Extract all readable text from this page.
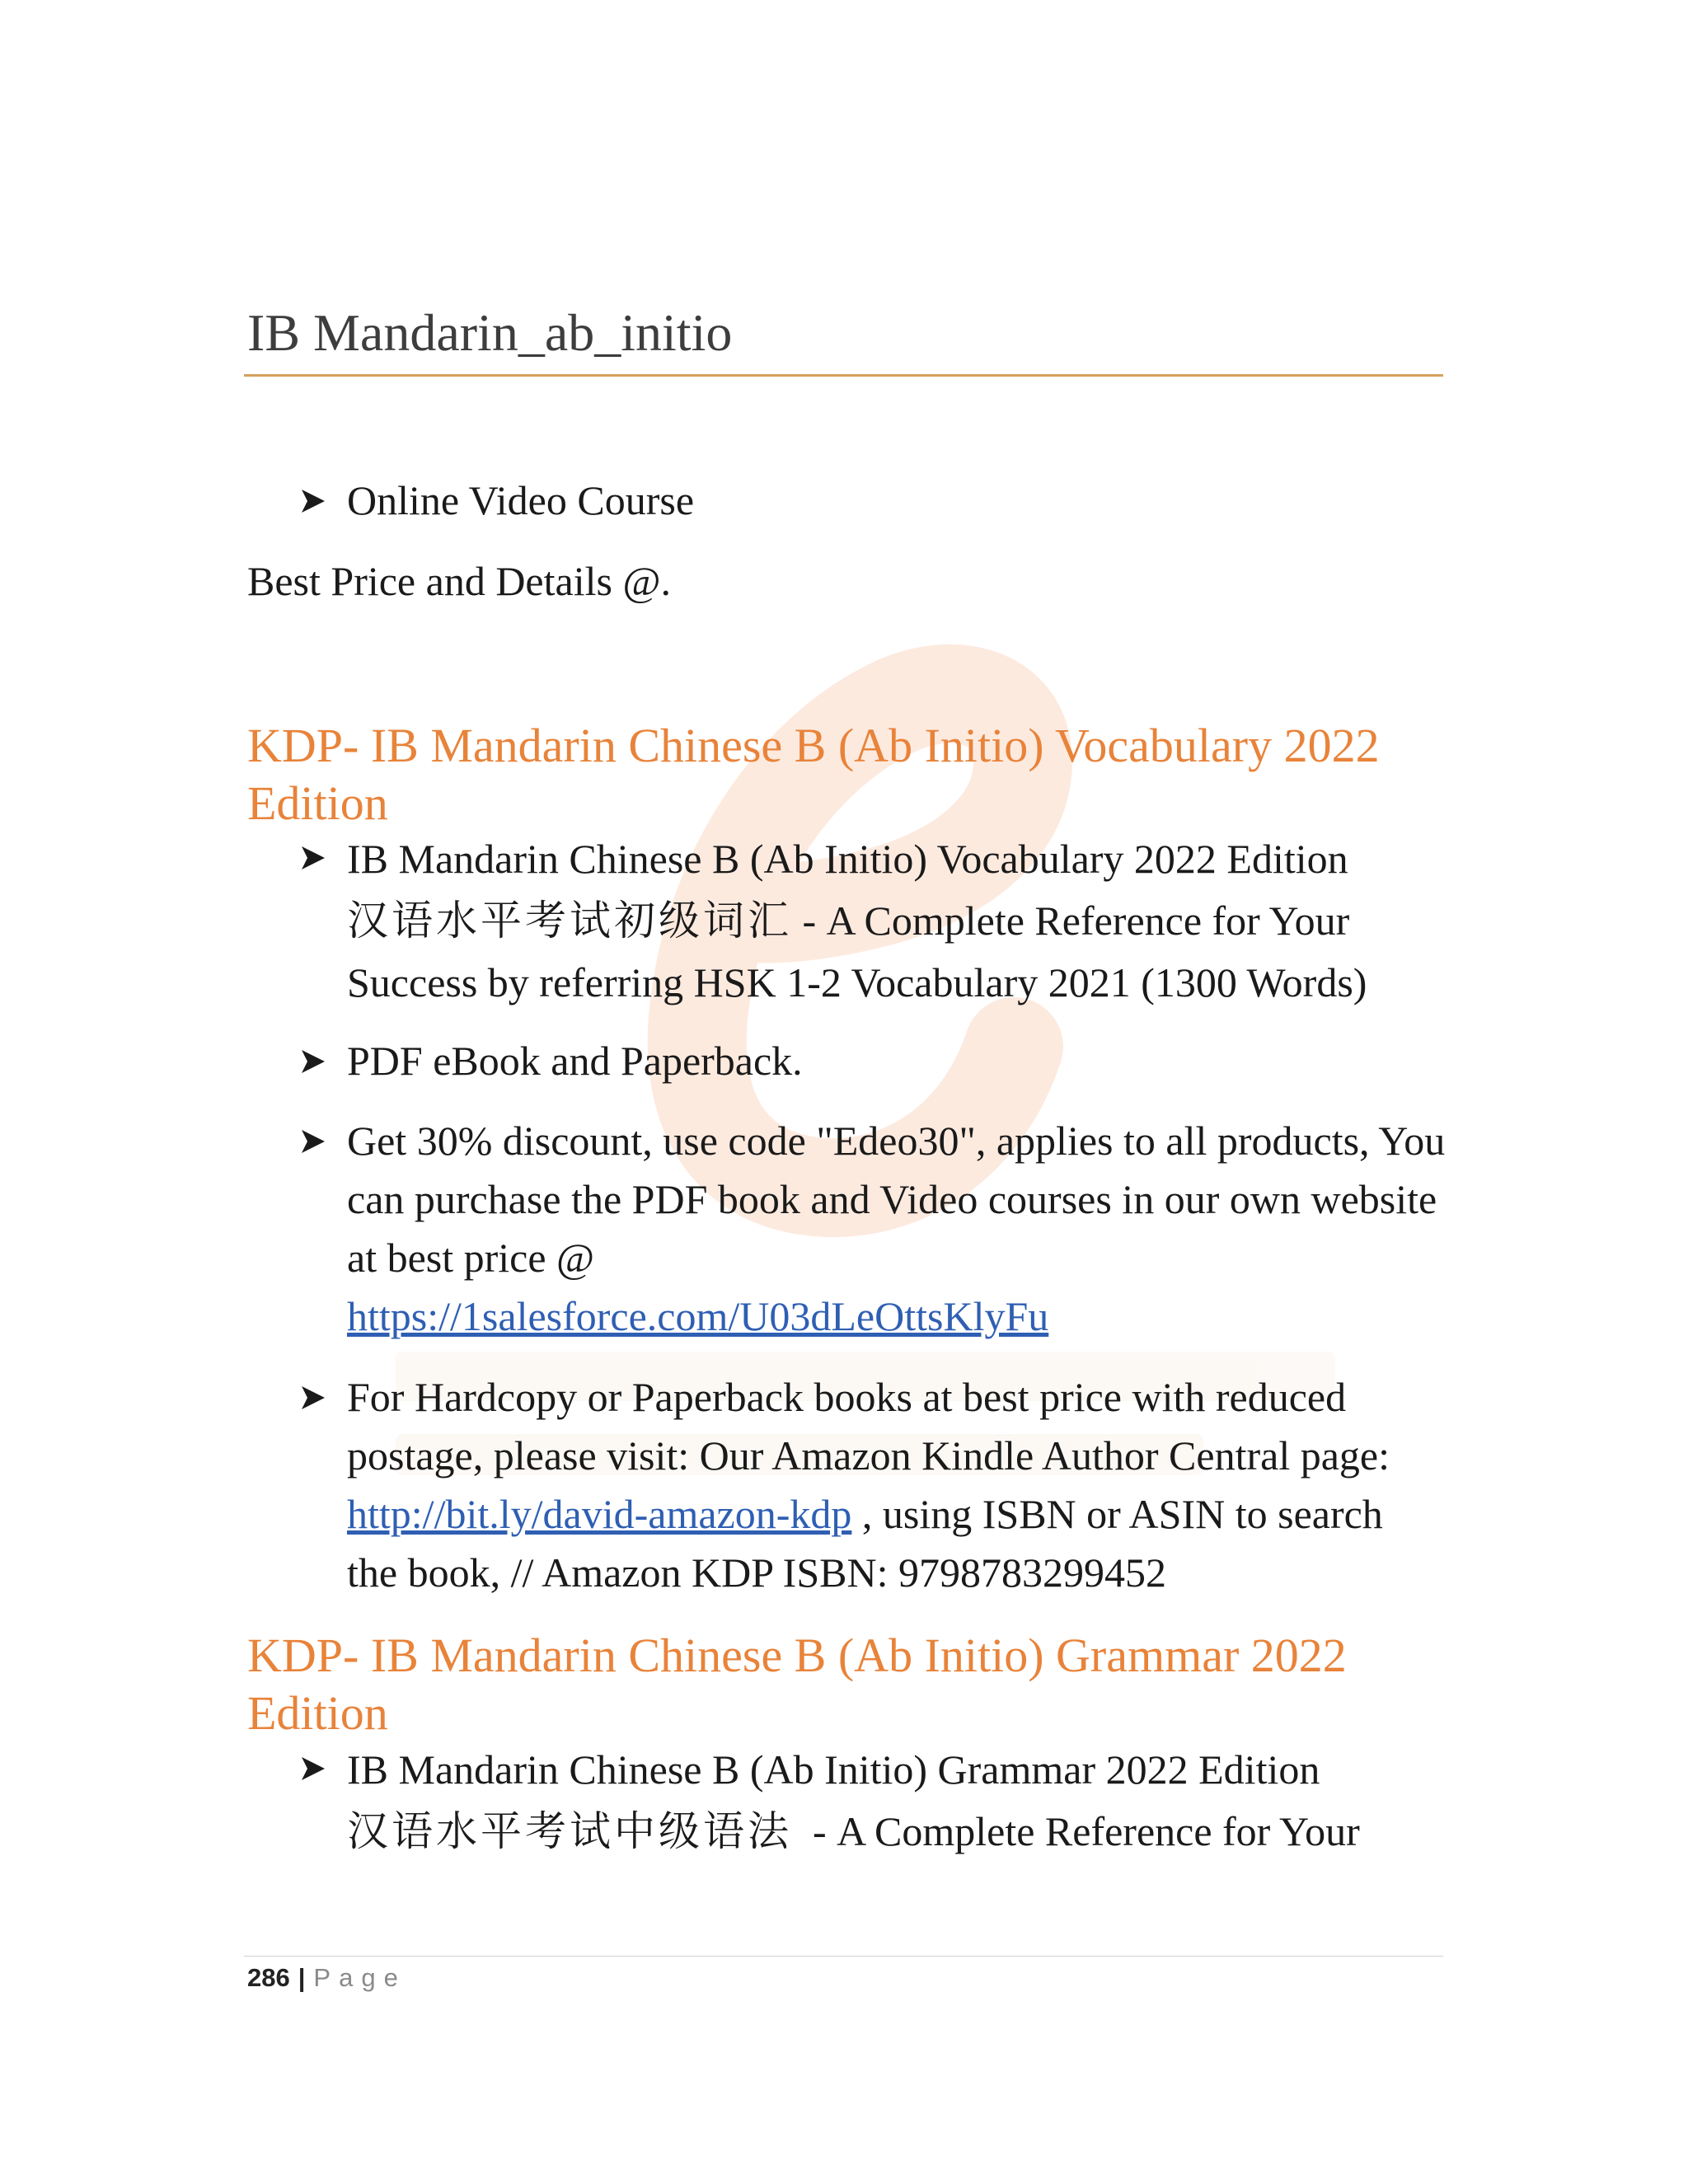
IB Mandarin_ab_initio
Online Video Course
Best Price and Details @.
KDP- IB Mandarin Chinese B (Ab Initio) Vocabulary 2022 Edition
IB Mandarin Chinese B (Ab Initio) Vocabulary 2022 Edition
汉语水平考试初级词汇 - A Complete Reference for Your
Success by referring HSK 1-2 Vocabulary 2021 (1300 Words)
PDF eBook and Paperback.
Get 30% discount, use code "Edeo30", applies to all products, You can purchase the PDF book and Video courses in our own website at best price @
https://1salesforce.com/U03dLeOttsKlyFu
For Hardcopy or Paperback books at best price with reduced postage, please visit: Our Amazon Kindle Author Central page: http://bit.ly/david-amazon-kdp , using ISBN or ASIN to search the book, // Amazon KDP ISBN: 9798783299452
KDP- IB Mandarin Chinese B (Ab Initio) Grammar 2022 Edition
IB Mandarin Chinese B (Ab Initio) Grammar 2022 Edition
汉语水平考试中级语法  - A Complete Reference for Your
286 | Page
